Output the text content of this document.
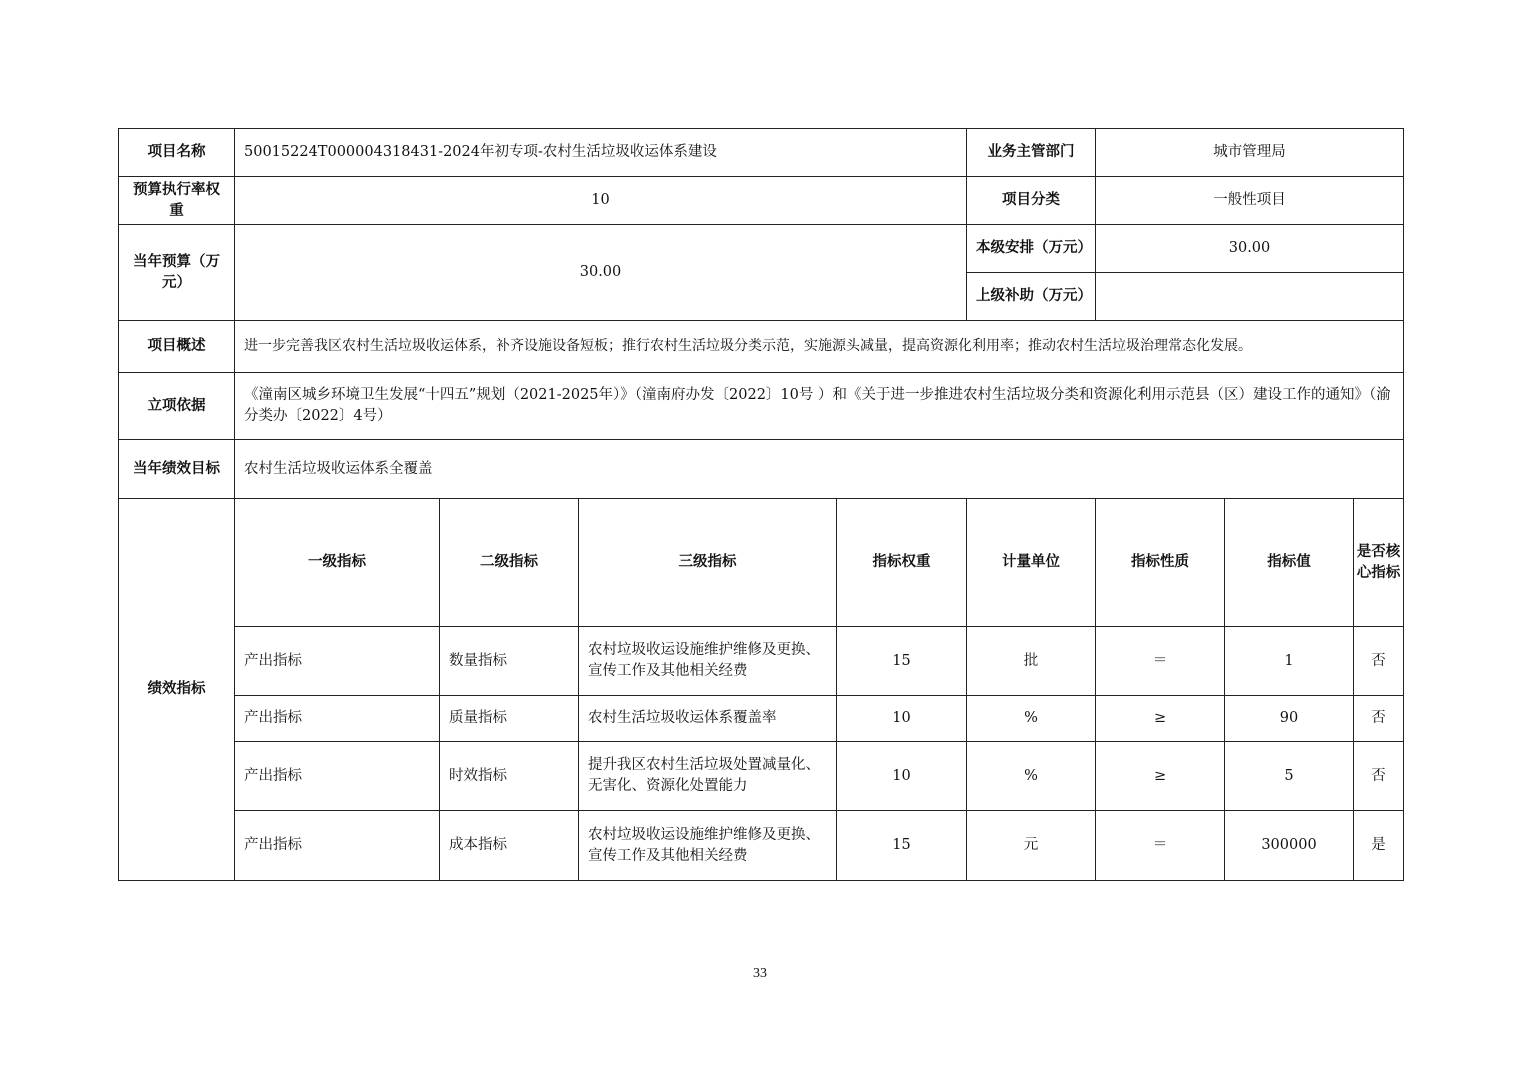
项目名称	50015224T000004318431-2024年初专项-农村生活垃圾收运体系建设				业务主管部门	城市管理局		
预算执行率权重	10				项目分类	一般性项目		
当年预算（万元）	30.00				本级安排（万元）	30.00		
					上级补助（万元）			
项目概述	进一步完善我区农村生活垃圾收运体系，补齐设施设备短板；推行农村生活垃圾分类示范，实施源头减量，提高资源化利用率；推动农村生活垃圾治理常态化发展。							
立项依据	《潼南区城乡环境卫生发展“十四五”规划（2021-2025年）》（潼南府办发〔2022〕10号 ）和《关于进一步推进农村生活垃圾分类和资源化利用示范县（区）建设工作的通知》（渝分类办〔2022〕4号）							
当年绩效目标	农村生活垃圾收运体系全覆盖							
绩效指标	一级指标	二级指标	三级指标	指标权重	计量单位	指标性质	指标值	是否核心指标
	产出指标	数量指标	农村垃圾收运设施维护维修及更换、宣传工作及其他相关经费	15	批	＝	1	否
	产出指标	质量指标	农村生活垃圾收运体系覆盖率	10	%	≥	90	否
	产出指标	时效指标	提升我区农村生活垃圾处置减量化、无害化、资源化处置能力	10	%	≥	5	否
	产出指标	成本指标	农村垃圾收运设施维护维修及更换、宣传工作及其他相关经费	15	元	＝	300000	是
33
